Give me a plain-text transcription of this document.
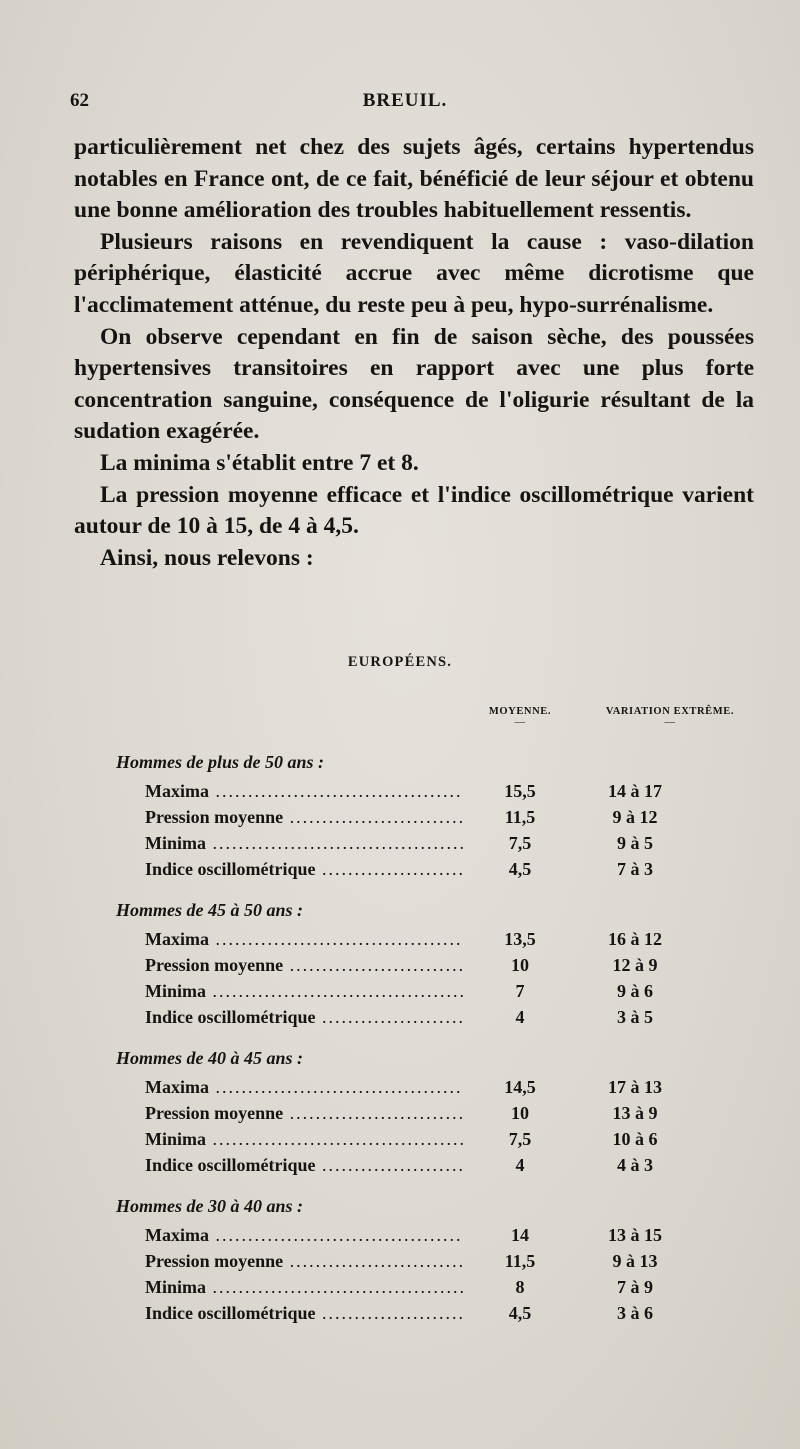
62	BREUIL.

particulièrement net chez des sujets âgés, certains hypertendus notables en France ont, de ce fait, bénéficié de leur séjour et obtenu une bonne amélioration des troubles habituellement ressentis.

Plusieurs raisons en revendiquent la cause : vaso-dilation périphérique, élasticité accrue avec même dicrotisme que l'acclimatement atténue, du reste peu à peu, hypo-surrénalisme.

On observe cependant en fin de saison sèche, des poussées hypertensives transitoires en rapport avec une plus forte concentration sanguine, conséquence de l'oligurie résultant de la sudation exagérée.

La minima s'établit entre 7 et 8.

La pression moyenne efficace et l'indice oscillométrique varient autour de 10 à 15, de 4 à 4,5.

Ainsi, nous relevons :

EUROPÉENS.
MOYENNE.
—
VARIATION EXTRÊME.
—
Hommes de plus de 50 ans :
Maxima .....	15,5	14 à 17
Pression moyenne .....	11,5	9 à 12
Minima .....	7,5	9 à 5
Indice oscillométrique .....	4,5	7 à 3
Hommes de 45 à 50 ans :
Maxima .....	13,5	16 à 12
Pression moyenne .....	10	12 à 9
Minima .....	7	9 à 6
Indice oscillométrique .....	4	3 à 5
Hommes de 40 à 45 ans :
Maxima .....	14,5	17 à 13
Pression moyenne .....	10	13 à 9
Minima .....	7,5	10 à 6
Indice oscillométrique .....	4	4 à 3
Hommes de 30 à 40 ans :
Maxima .....	14	13 à 15
Pression moyenne .....	11,5	9 à 13
Minima .....	8	7 à 9
Indice oscillométrique .....	4,5	3 à 6
